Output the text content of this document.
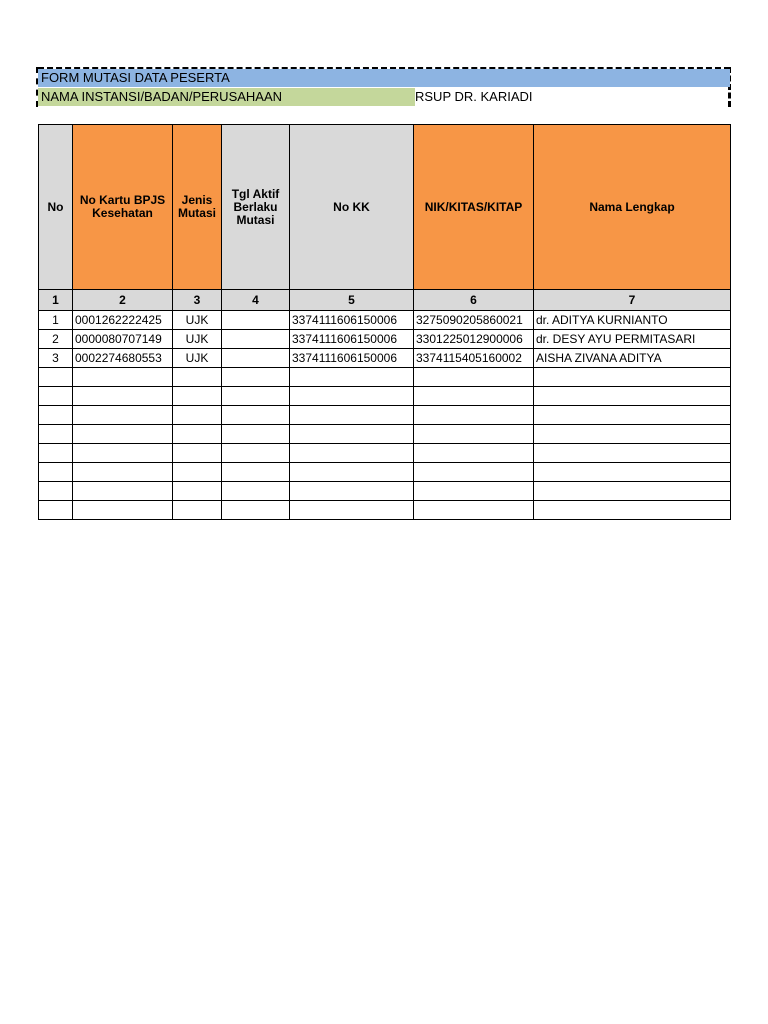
FORM MUTASI DATA PESERTA
NAMA INSTANSI/BADAN/PERUSAHAAN	RSUP DR. KARIADI
No	No Kartu BPJS Kesehatan	Jenis Mutasi	Tgl Aktif Berlaku Mutasi	No KK	NIK/KITAS/KITAP	Nama Lengkap
1	2	3	4	5	6	7
1	0001262222425	UJK		3374111606150006	3275090205860021	dr. ADITYA KURNIANTO
2	0000080707149	UJK		3374111606150006	3301225012900006	dr. DESY AYU PERMITASARI
3	0002274680553	UJK		3374111606150006	3374115405160002	AISHA ZIVANA ADITYA
